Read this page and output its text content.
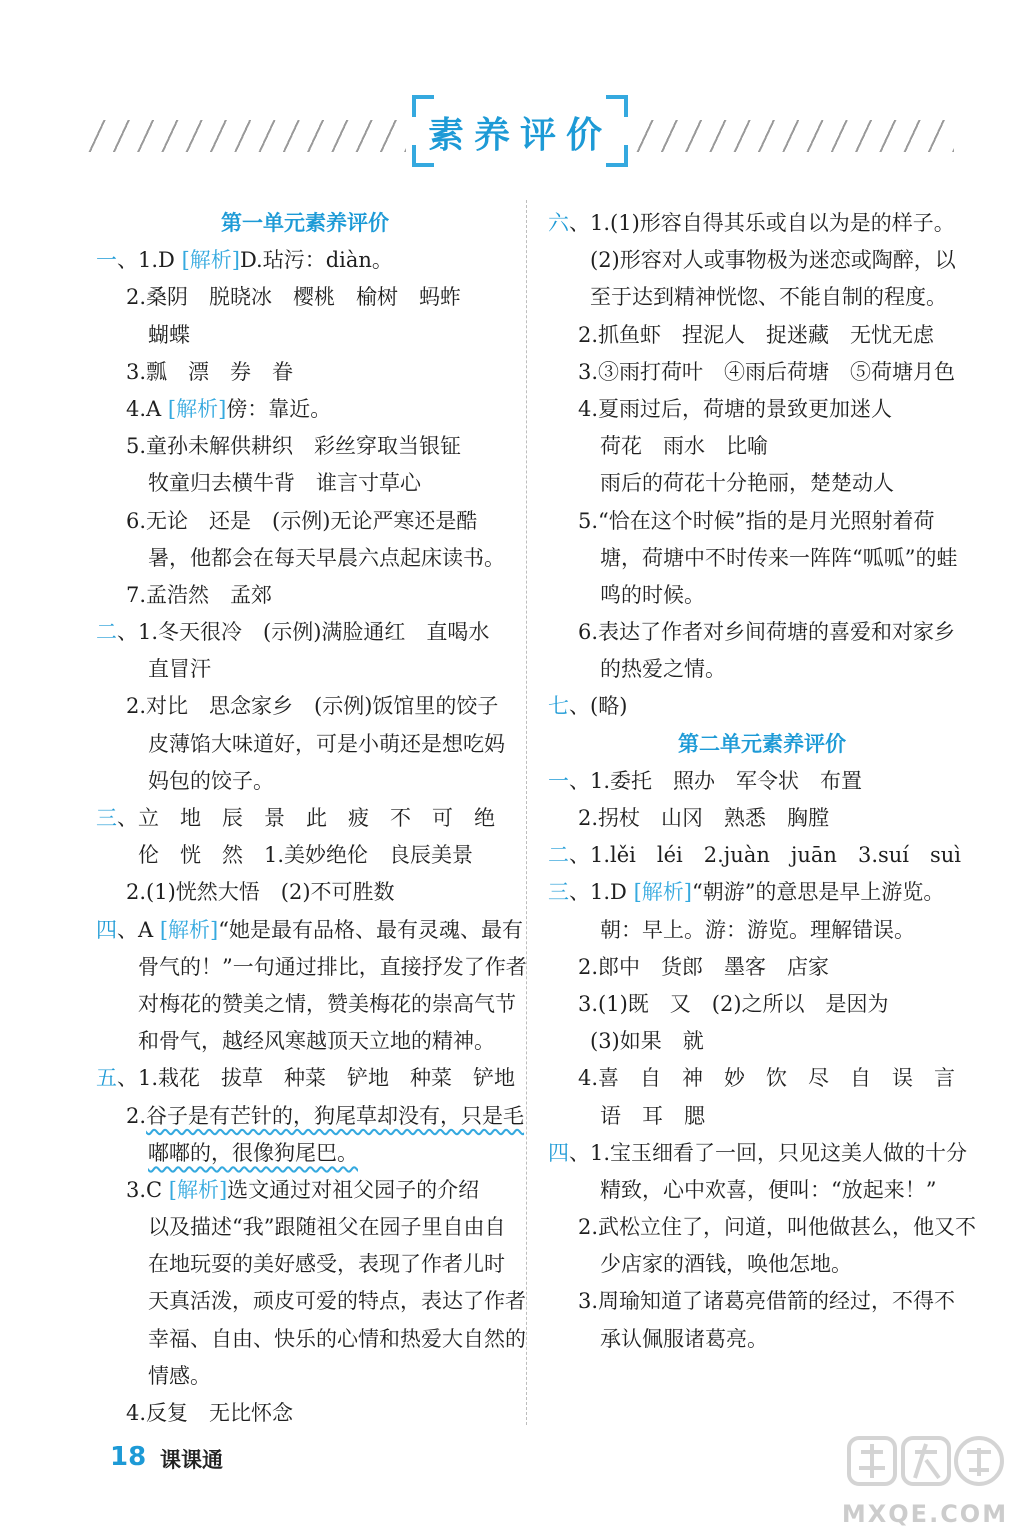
素养评价
第一单元素养评价
一、1.D [解析]D.玷污：diàn。
2.桑阴　脱晓冰　樱桃　榆树　蚂蚱
蝴蝶
3.瓢　漂　券　眷
4.A [解析]傍：靠近。
5.童孙未解供耕织　彩丝穿取当银钲
牧童归去横牛背　谁言寸草心
6.无论　还是　(示例)无论严寒还是酷
暑，他都会在每天早晨六点起床读书。
7.孟浩然　孟郊
二、1.冬天很冷　(示例)满脸通红　直喝水
直冒汗
2.对比　思念家乡　(示例)饭馆里的饺子
皮薄馅大味道好，可是小萌还是想吃妈
妈包的饺子。
三、立　地　辰　景　此　疲　不　可　绝
伦　恍　然　1.美妙绝伦　良辰美景
2.(1)恍然大悟　(2)不可胜数
四、A [解析]“她是最有品格、最有灵魂、最有
骨气的！”一句通过排比，直接抒发了作者
对梅花的赞美之情，赞美梅花的崇高气节
和骨气，越经风寒越顶天立地的精神。
五、1.栽花　拔草　种菜　铲地　种菜　铲地
2.谷子是有芒针的，狗尾草却没有，只是毛
嘟嘟的，很像狗尾巴。
3.C [解析]选文通过对祖父园子的介绍
以及描述“我”跟随祖父在园子里自由自
在地玩耍的美好感受，表现了作者儿时
天真活泼，顽皮可爱的特点，表达了作者
幸福、自由、快乐的心情和热爱大自然的
情感。
4.反复　无比怀念
六、1.(1)形容自得其乐或自以为是的样子。
(2)形容对人或事物极为迷恋或陶醉，以
至于达到精神恍惚、不能自制的程度。
2.抓鱼虾　捏泥人　捉迷藏　无忧无虑
3.③雨打荷叶　④雨后荷塘　⑤荷塘月色
4.夏雨过后，荷塘的景致更加迷人
荷花　雨水　比喻
雨后的荷花十分艳丽，楚楚动人
5.“恰在这个时候”指的是月光照射着荷
塘，荷塘中不时传来一阵阵“呱呱”的蛙
鸣的时候。
6.表达了作者对乡间荷塘的喜爱和对家乡
的热爱之情。
七、(略)
第二单元素养评价
一、1.委托　照办　军令状　布置
2.拐杖　山冈　熟悉　胸膛
二、1.lěi　léi　2.juàn　juān　3.suí　suì
三、1.D [解析]“朝游”的意思是早上游览。
朝：早上。游：游览。理解错误。
2.郎中　货郎　墨客　店家
3.(1)既　又　(2)之所以　是因为
(3)如果　就
4.喜　自　神　妙　饮　尽　自　误　言
语　耳　腮
四、1.宝玉细看了一回，只见这美人做的十分
精致，心中欢喜，便叫：“放起来！”
2.武松立住了，问道，叫他做甚么，他又不
少店家的酒钱，唤他怎地。
3.周瑜知道了诸葛亮借箭的经过，不得不
承认佩服诸葛亮。
18 课课通
MXQE.COM
